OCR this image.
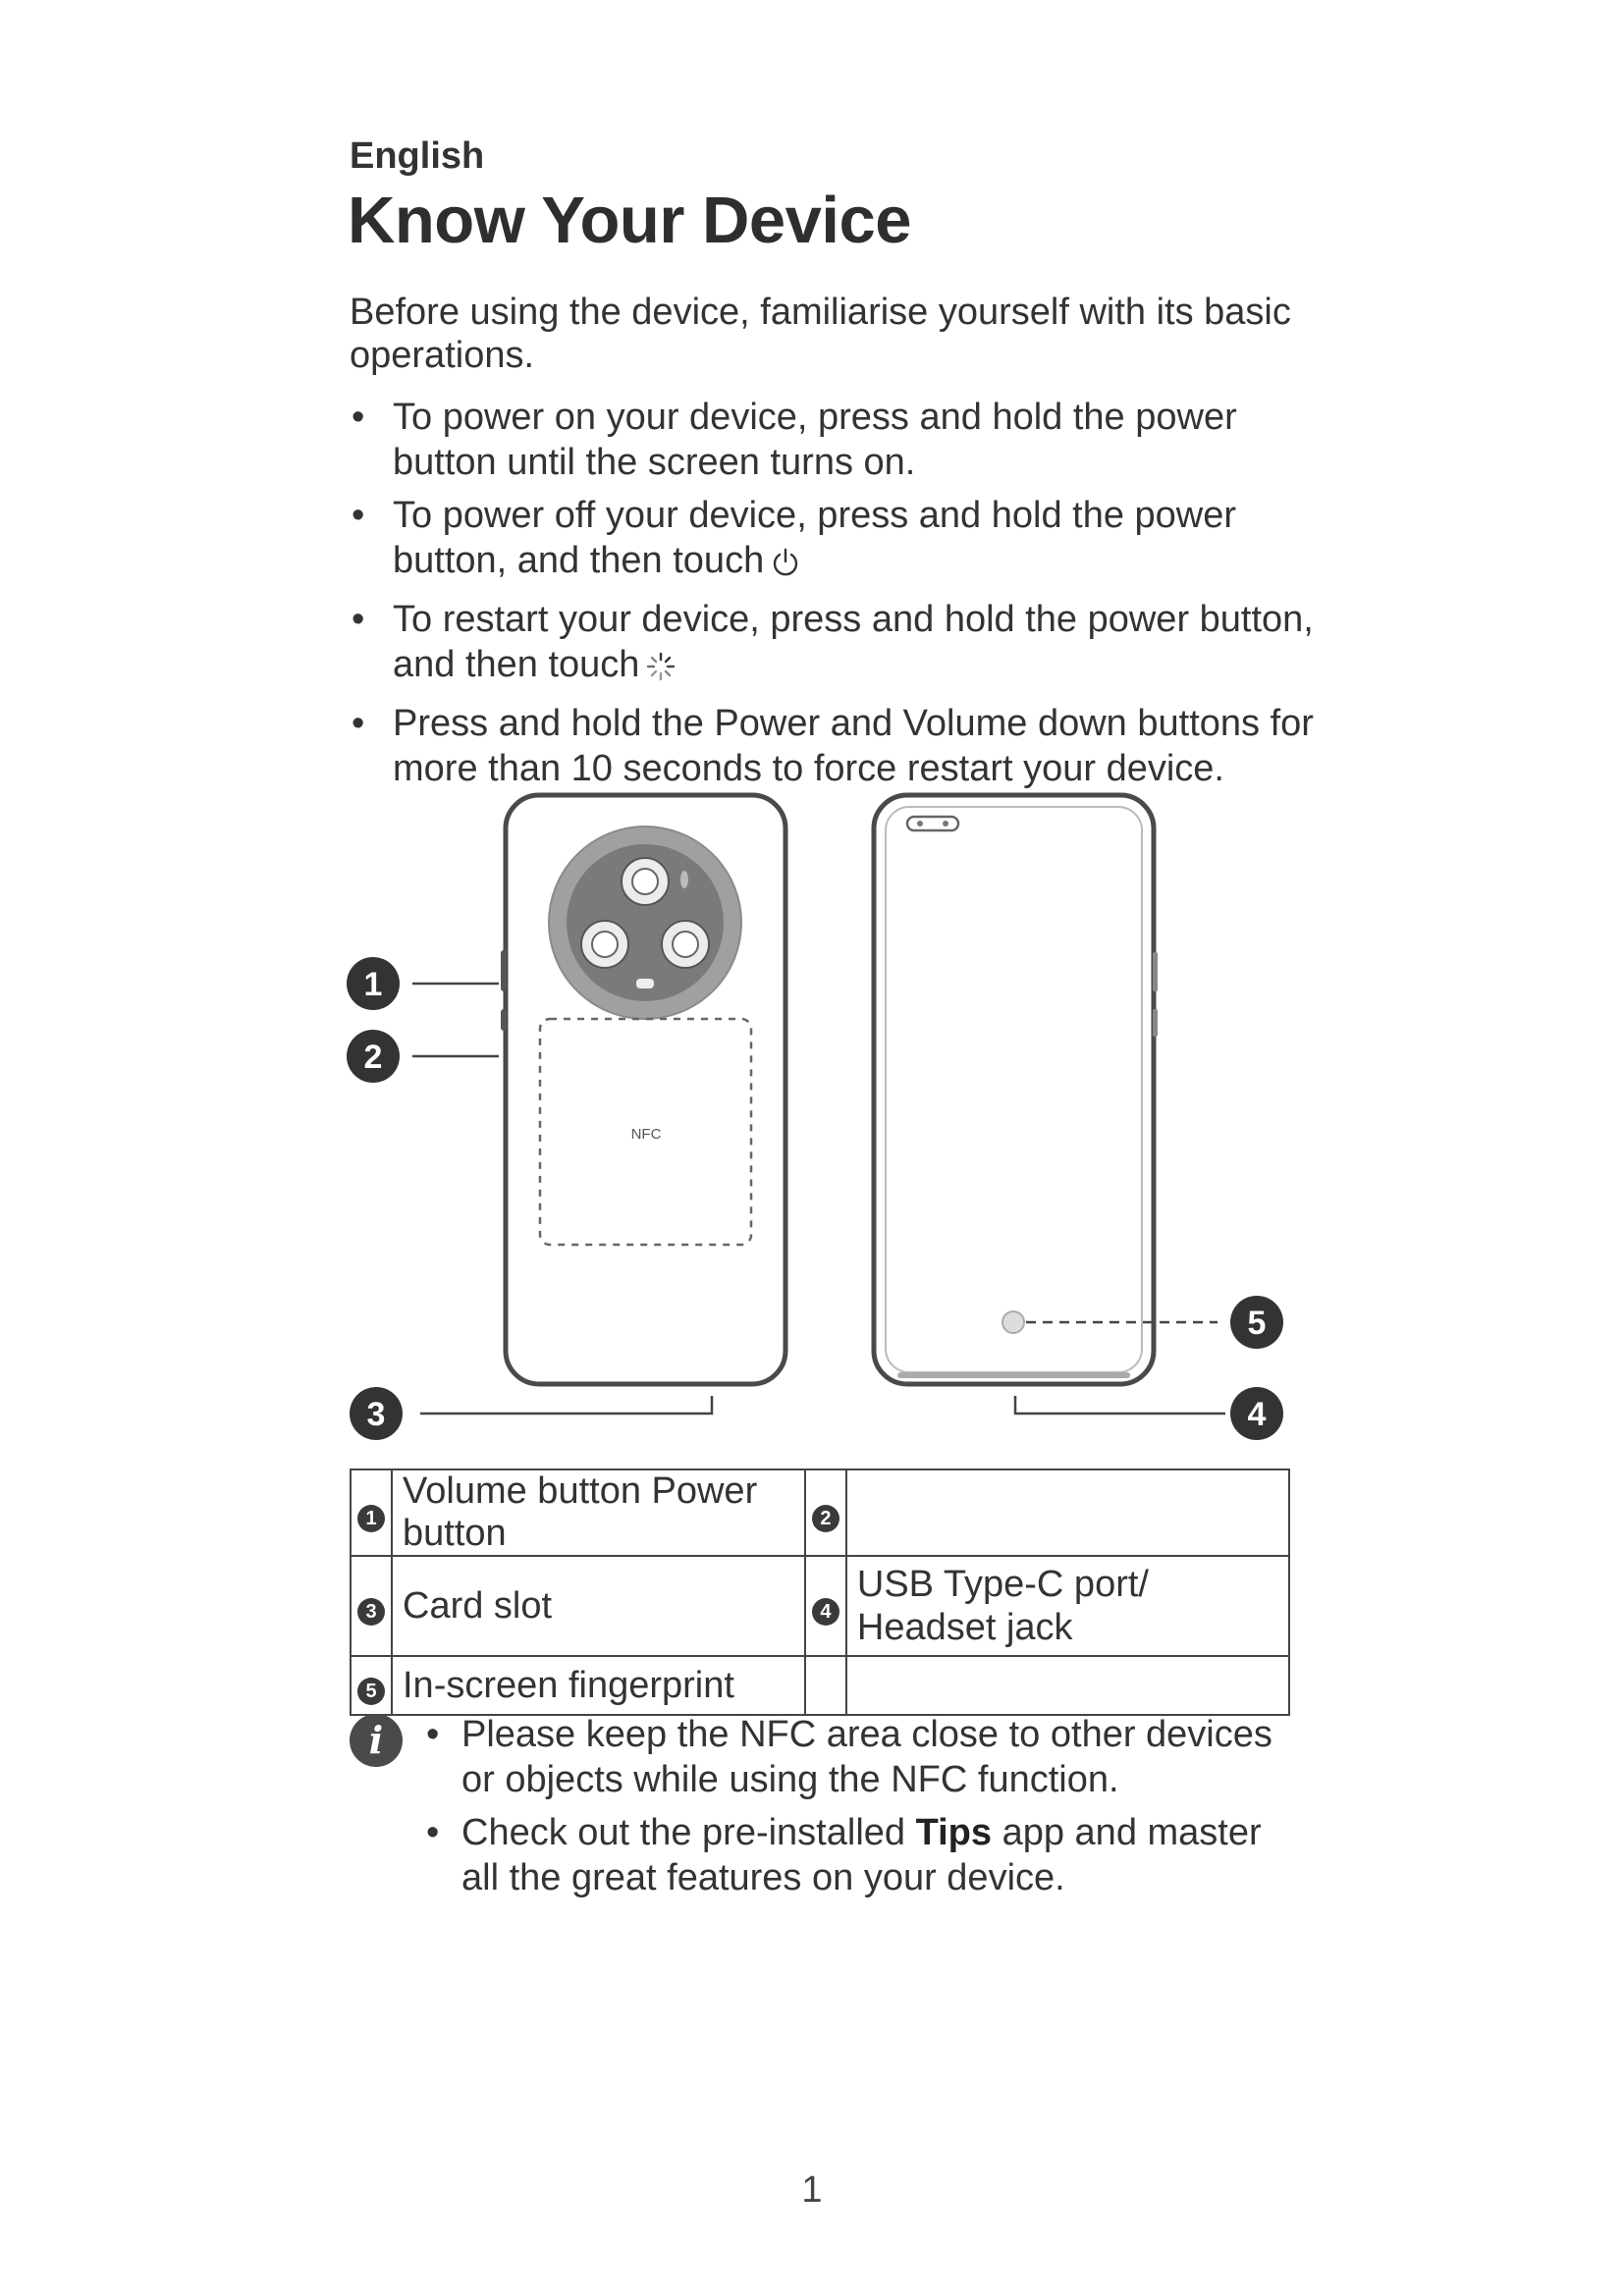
English
Know Your Device
Before using the device, familiarise yourself with its basic operations.
• To power on your device, press and hold the power button until the screen turns on.
• To power off your device, press and hold the power button, and then touch
• To restart your device, press and hold the power button, and then touch
• Press and hold the Power and Volume down buttons for more than 10 seconds to force restart your device.
NFC
1
2
3	4
5
1	Volume button Power button	2	
3	Card slot	4	USB Type-C port/ Headset jack
5	In-screen fingerprint		
i	• Please keep the NFC area close to other devices or objects while using the NFC function.
• Check out the pre-installed Tips app and master all the great features on your device.
1
